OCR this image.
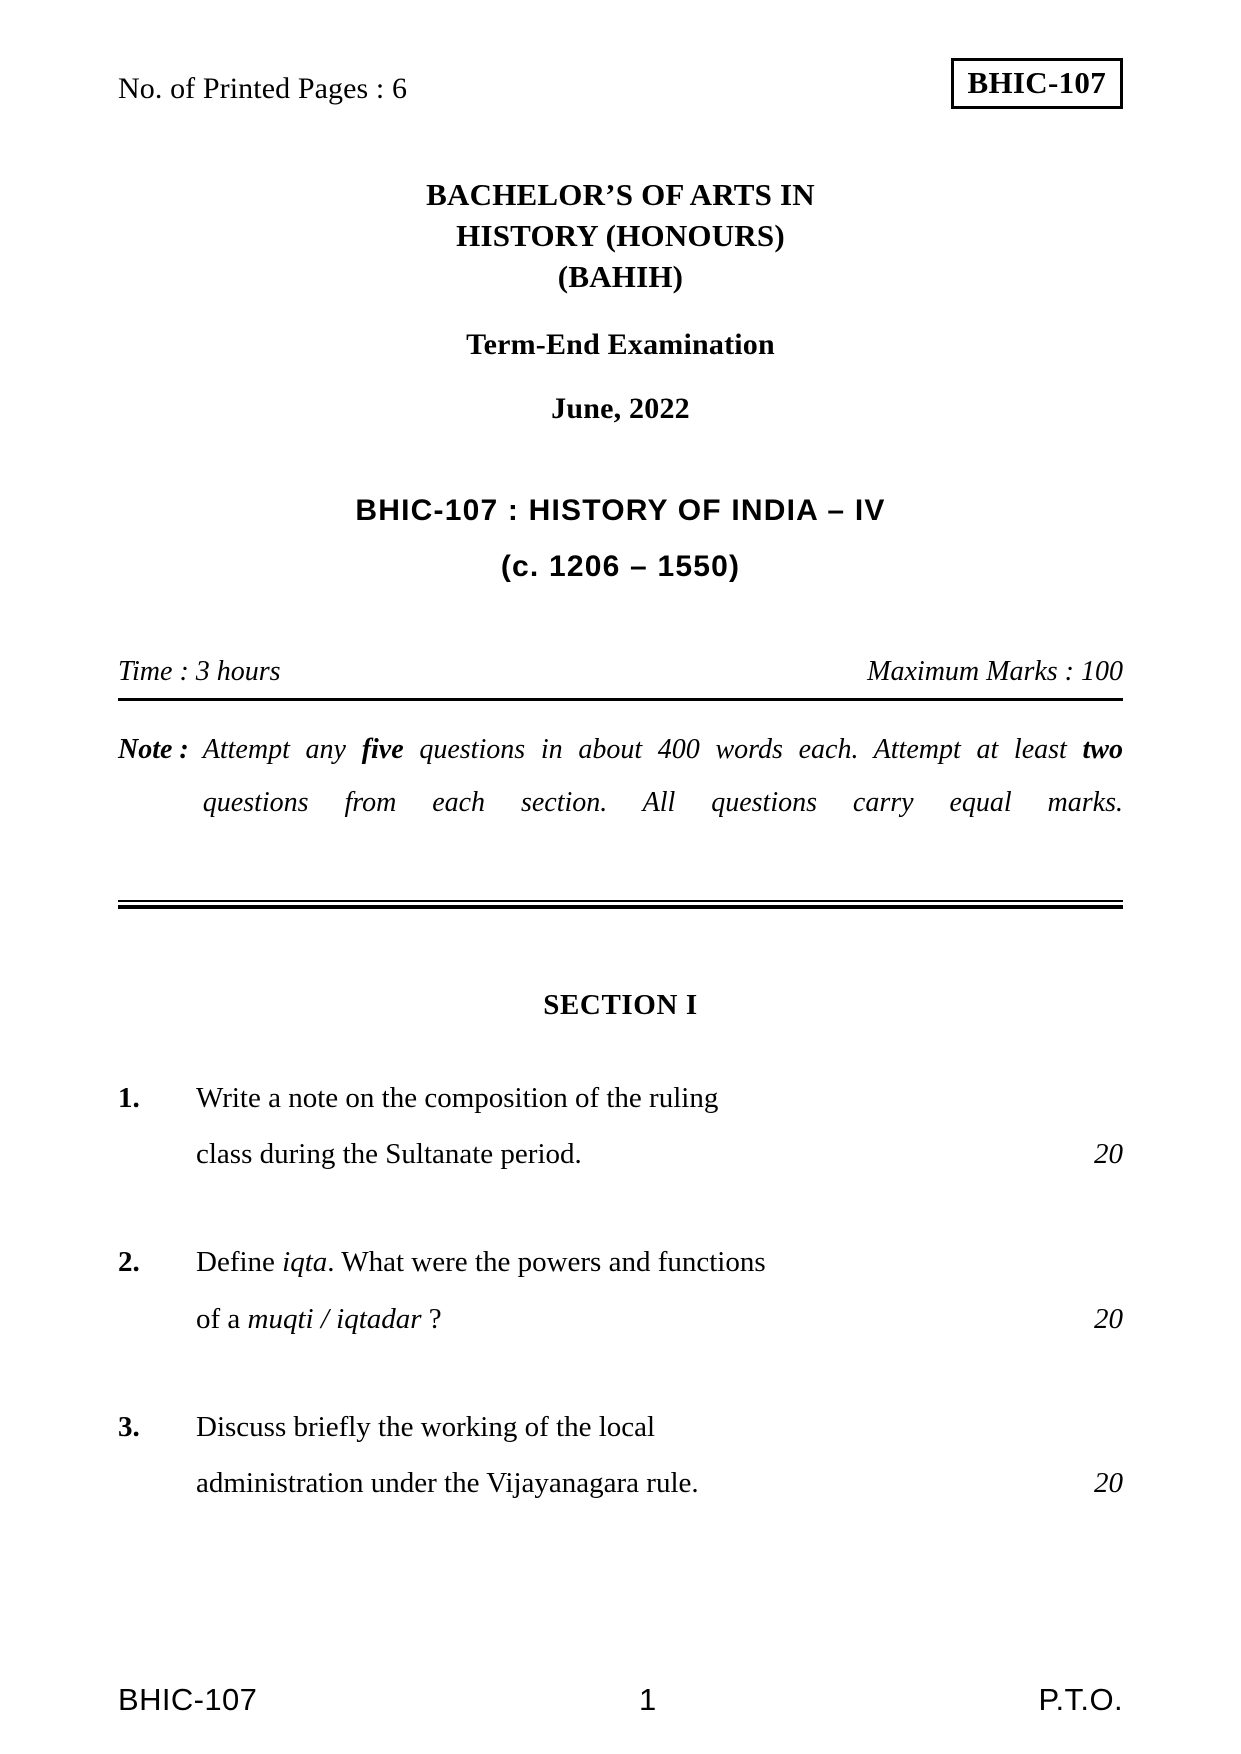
No. of Printed Pages : 6	BHIC-107
BACHELOR’S OF ARTS IN
HISTORY (HONOURS)
(BAHIH)
Term-End Examination
June, 2022
BHIC-107 : HISTORY OF INDIA – IV
(c. 1206 – 1550)
Time : 3 hours	Maximum Marks : 100
Note : Attempt any five questions in about 400 words each. Attempt at least two questions from each section. All questions carry equal marks.
SECTION I
1.	Write a note on the composition of the ruling
class during the Sultanate period.	20
2.	Define iqta. What were the powers and functions
of a muqti / iqtadar ?	20
3.	Discuss briefly the working of the local
administration under the Vijayanagara rule.	20
BHIC-107	1	P.T.O.
